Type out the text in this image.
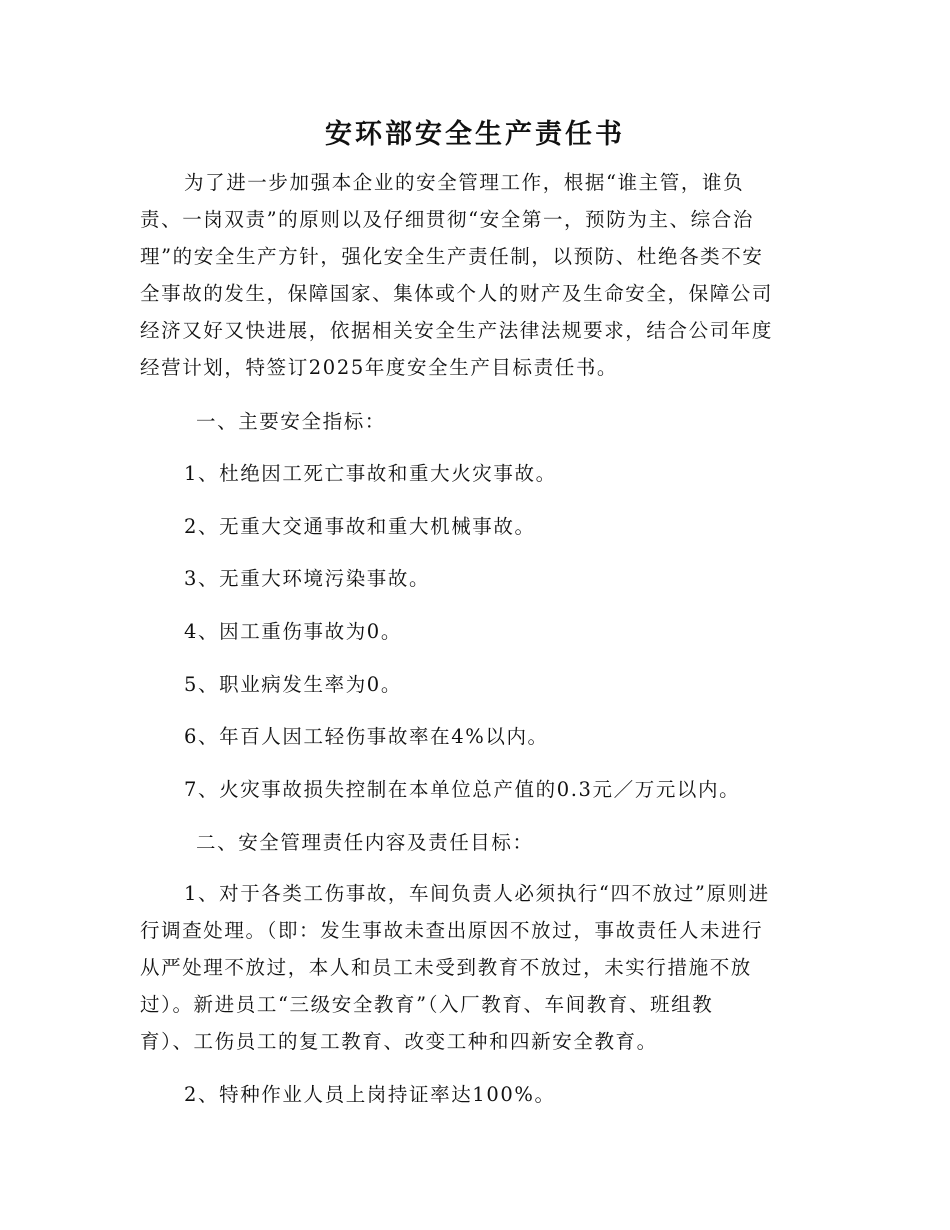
安环部安全生产责任书

为了进一步加强本企业的安全管理工作，根据“谁主管，谁负

责、一岗双责”的原则以及仔细贯彻“安全第一，预防为主、综合治

理”的安全生产方针，强化安全生产责任制，以预防、杜绝各类不安

全事故的发生，保障国家、集体或个人的财产及生命安全，保障公司

经济又好又快进展，依据相关安全生产法律法规要求，结合公司年度

经营计划，特签订2025年度安全生产目标责任书。

一、主要安全指标：

1、杜绝因工死亡事故和重大火灾事故。

2、无重大交通事故和重大机械事故。

3、无重大环境污染事故。

4、因工重伤事故为0。

5、职业病发生率为0。

6、年百人因工轻伤事故率在4%以内。

7、火灾事故损失控制在本单位总产值的0.3元／万元以内。

二、安全管理责任内容及责任目标：

1、对于各类工伤事故，车间负责人必须执行“四不放过”原则进

行调查处理。（即：发生事故未查出原因不放过，事故责任人未进行

从严处理不放过，本人和员工未受到教育不放过，未实行措施不放

过）。新进员工“三级安全教育”（入厂教育、车间教育、班组教

育）、工伤员工的复工教育、改变工种和四新安全教育。

2、特种作业人员上岗持证率达100%。
